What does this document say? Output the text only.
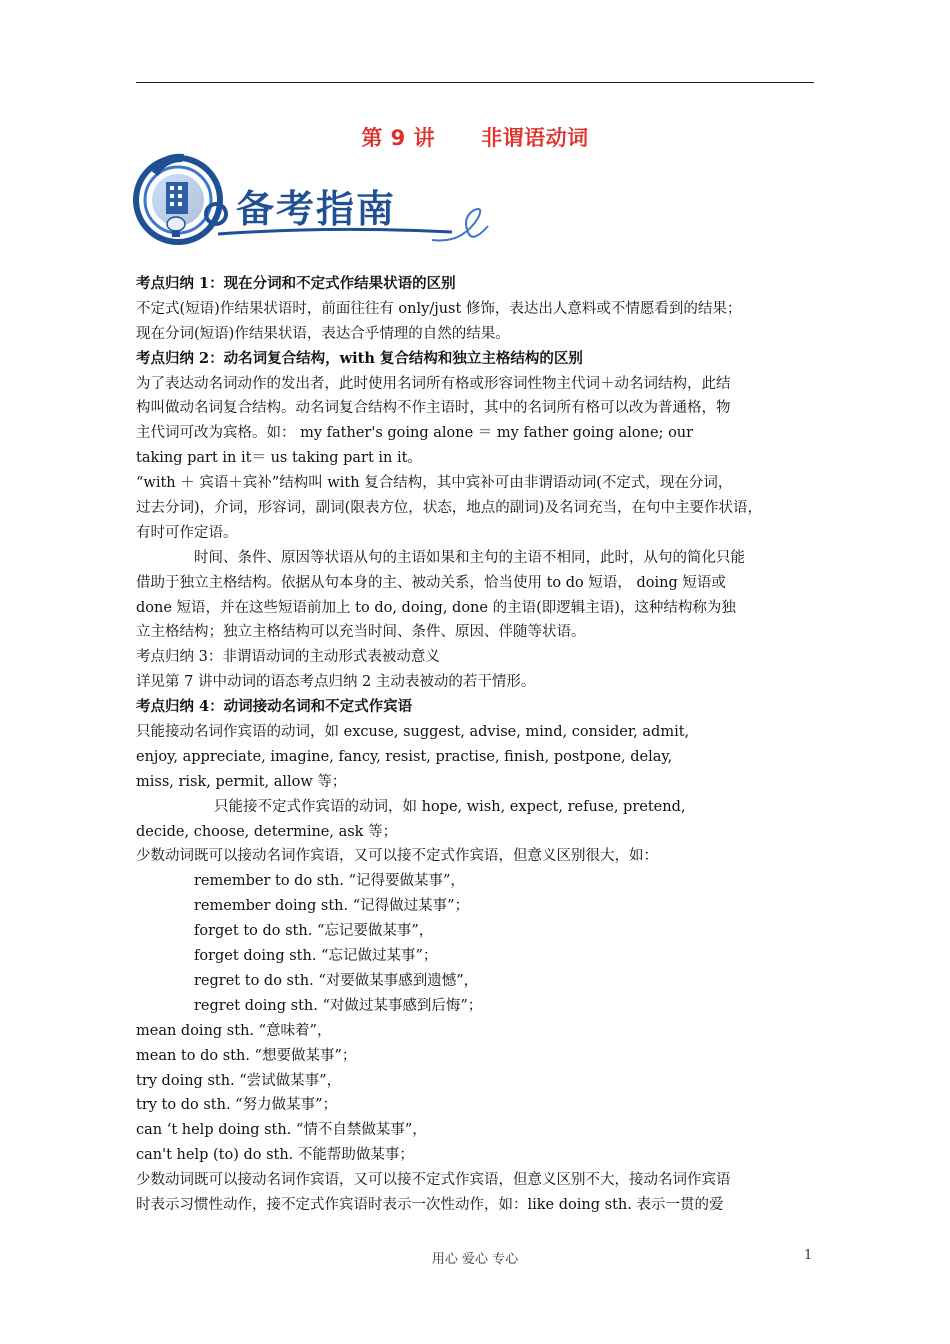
第 9 讲 非谓语动词
备考指南
考点归纳 1：现在分词和不定式作结果状语的区别
不定式(短语)作结果状语时，前面往往有 only/just 修饰，表达出人意料或不情愿看到的结果；
现在分词(短语)作结果状语，表达合乎情理的自然的结果。
考点归纳 2：动名词复合结构，with 复合结构和独立主格结构的区别
为了表达动名词动作的发出者，此时使用名词所有格或形容词性物主代词＋动名词结构，此结
构叫做动名词复合结构。动名词复合结构不作主语时，其中的名词所有格可以改为普通格，物
主代词可改为宾格。如： my father's going alone ＝ my father going alone; our
taking part in it＝ us taking part in it。
“with ＋ 宾语＋宾补”结构叫 with 复合结构，其中宾补可由非谓语动词(不定式，现在分词，
过去分词)，介词，形容词，副词(限表方位，状态，地点的副词)及名词充当，在句中主要作状语，
有时可作定语。
时间、条件、原因等状语从句的主语如果和主句的主语不相同，此时，从句的简化只能
借助于独立主格结构。依据从句本身的主、被动关系，恰当使用 to do 短语， doing 短语或
done 短语，并在这些短语前加上 to do, doing, done 的主语(即逻辑主语)，这种结构称为独
立主格结构；独立主格结构可以充当时间、条件、原因、伴随等状语。
考点归纳 3：非谓语动词的主动形式表被动意义
详见第 7 讲中动词的语态考点归纳 2 主动表被动的若干情形。
考点归纳 4：动词接动名词和不定式作宾语
只能接动名词作宾语的动词，如 excuse, suggest, advise, mind, consider, admit,
enjoy, appreciate, imagine, fancy, resist, practise, finish, postpone, delay,
miss, risk, permit, allow 等；
只能接不定式作宾语的动词，如 hope, wish, expect, refuse, pretend,
decide, choose, determine, ask 等；
少数动词既可以接动名词作宾语，又可以接不定式作宾语，但意义区别很大，如：
remember to do sth. “记得要做某事”，
remember doing sth. “记得做过某事”；
forget to do sth. “忘记要做某事”，
forget doing sth. “忘记做过某事”；
regret to do sth. “对要做某事感到遗憾”，
regret doing sth. “对做过某事感到后悔”；
mean doing sth. “意味着”，
mean to do sth. “想要做某事”；
try doing sth. “尝试做某事”，
try to do sth. “努力做某事”；
can ‘t help doing sth. “情不自禁做某事”，
can't help (to) do sth. 不能帮助做某事；
少数动词既可以接动名词作宾语，又可以接不定式作宾语，但意义区别不大，接动名词作宾语
时表示习惯性动作，接不定式作宾语时表示一次性动作，如：like doing sth. 表示一贯的爱
用心 爱心 专心	1
